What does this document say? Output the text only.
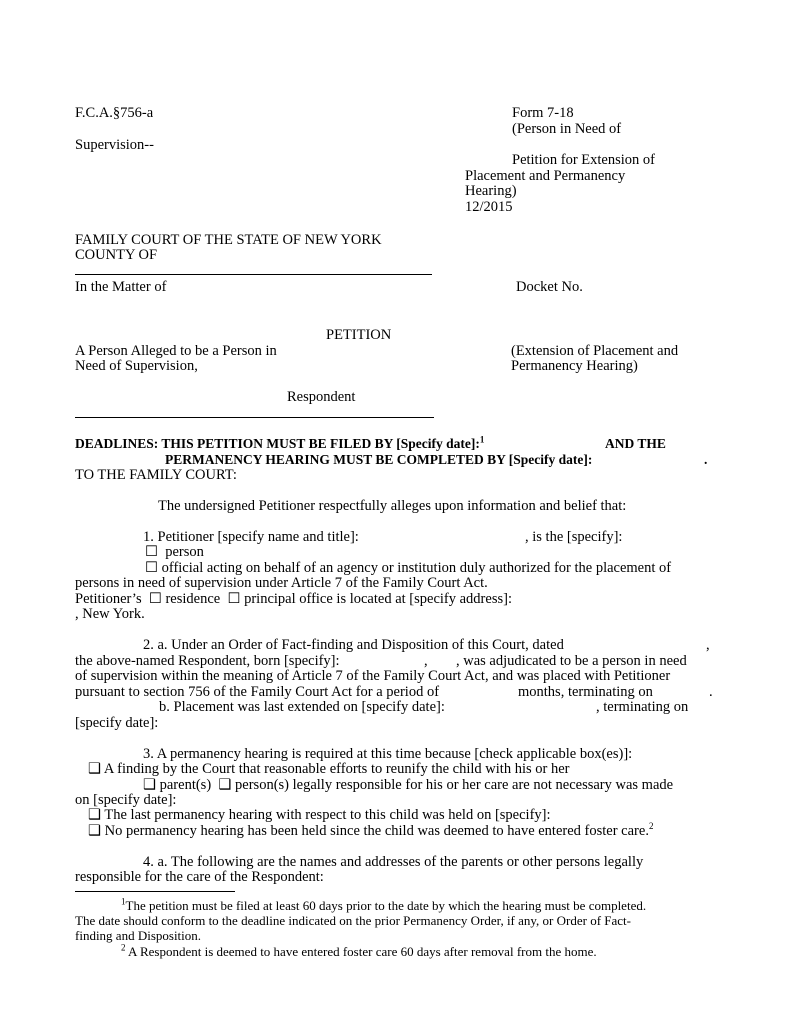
F.C.A.§756-a
Supervision--
Form 7-18
(Person in Need of
Petition for Extension of
Placement and Permanency
Hearing)
12/2015
FAMILY COURT OF THE STATE OF NEW YORK
COUNTY OF
In the Matter of	Docket No.
PETITION
A Person Alleged to be a Person in
Need of Supervision,
(Extension of Placement and
Permanency Hearing)
Respondent
DEADLINES: THIS PETITION MUST BE FILED BY [Specify date]:$^1$	AND THE
PERMANENCY HEARING MUST BE COMPLETED BY [Specify date]:	.
TO THE FAMILY COURT:
The undersigned Petitioner respectfully alleges upon information and belief that:
1. Petitioner [specify name and title]:	, is the [specify]:
☐ person
☐ official acting on behalf of an agency or institution duly authorized for the placement of
persons in need of supervision under Article 7 of the Family Court Act.
Petitioner’s ☐ residence ☐ principal office is located at [specify address]:
, New York.
2. a. Under an Order of Fact-finding and Disposition of this Court, dated	,
the above-named Respondent, born [specify]:	, , was adjudicated to be a person in need
of supervision within the meaning of Article 7 of the Family Court Act, and was placed with Petitioner
pursuant to section 756 of the Family Court Act for a period of	months, terminating on	.
b. Placement was last extended on [specify date]:	, terminating on
[specify date]:
3. A permanency hearing is required at this time because [check applicable box(es)]:
❑ A finding by the Court that reasonable efforts to reunify the child with his or her
❑ parent(s) ❑ person(s) legally responsible for his or her care are not necessary was made
on [specify date]:
❑ The last permanency hearing with respect to this child was held on [specify]:
❑ No permanency hearing has been held since the child was deemed to have entered foster care.$^2$
4. a. The following are the names and addresses of the parents or other persons legally
responsible for the care of the Respondent:
$^1$The petition must be filed at least 60 days prior to the date by which the hearing must be completed.
The date should conform to the deadline indicated on the prior Permanency Order, if any, or Order of Fact-
finding and Disposition.
$^2$ A Respondent is deemed to have entered foster care 60 days after removal from the home.
